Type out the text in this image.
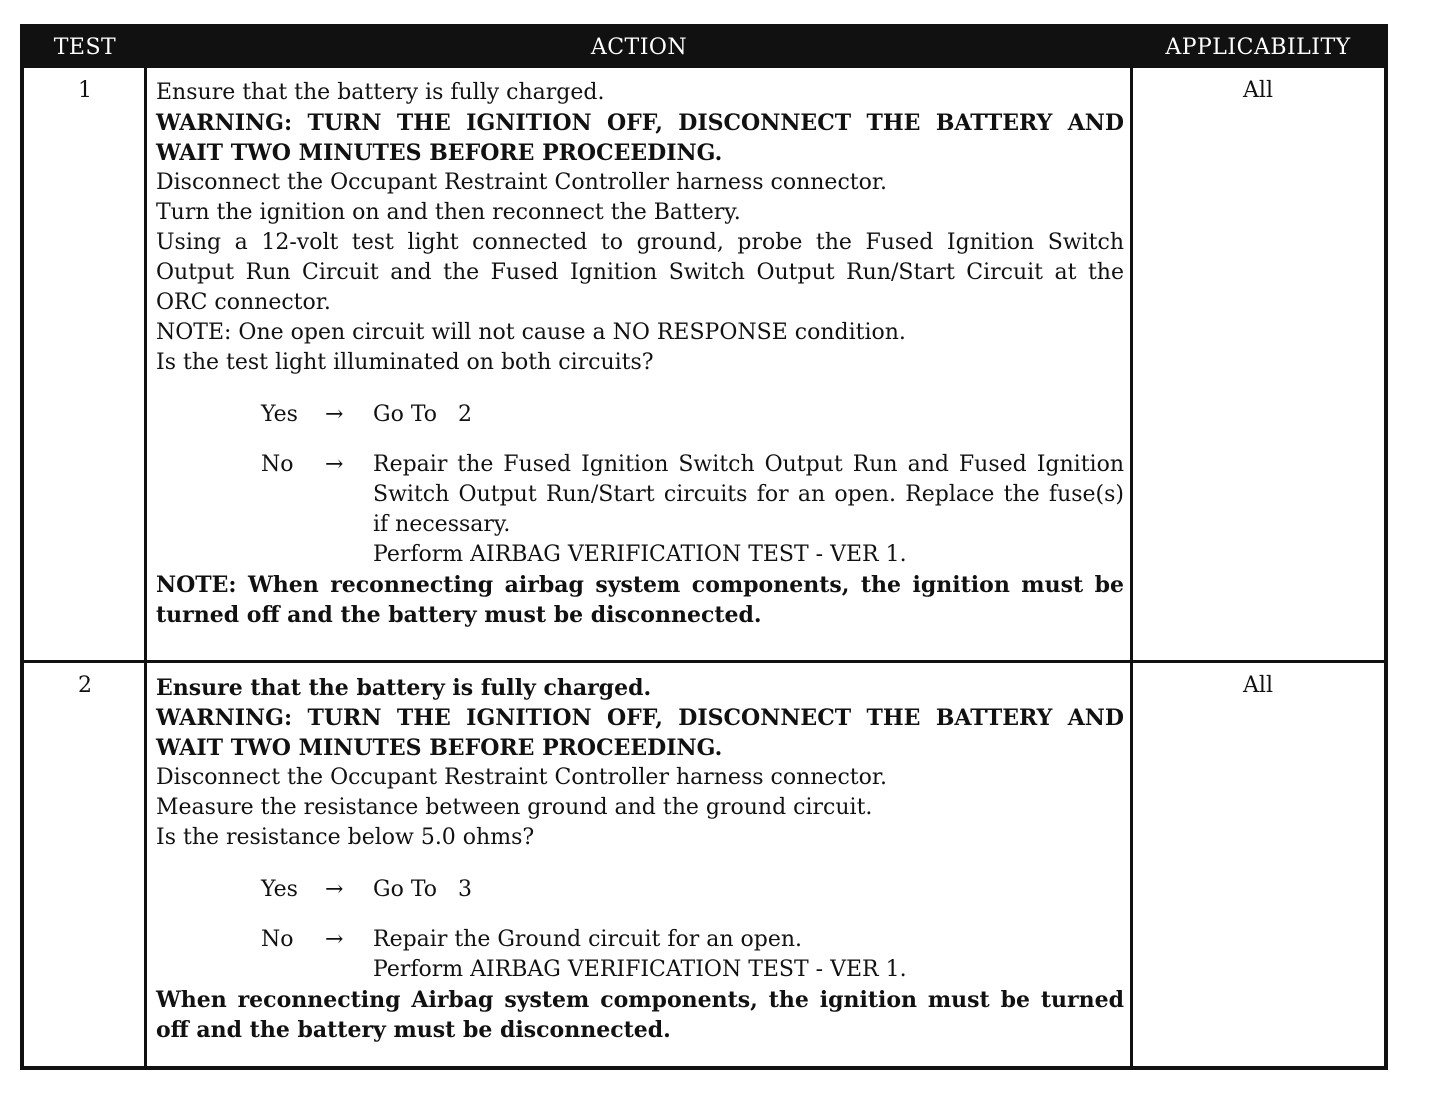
TEST	ACTION	APPLICABILITY
1	Ensure that the battery is fully charged.

WARNING: TURN THE IGNITION OFF, DISCONNECT THE BATTERY AND WAIT TWO MINUTES BEFORE PROCEEDING.

Disconnect the Occupant Restraint Controller harness connector.

Turn the ignition on and then reconnect the Battery.

Using a 12-volt test light connected to ground, probe the Fused Ignition Switch Output Run Circuit and the Fused Ignition Switch Output Run/Start Circuit at the ORC connector.

NOTE: One open circuit will not cause a NO RESPONSE condition.

Is the test light illuminated on both circuits?

Yes	→	Go To   2
No	→	Repair the Fused Ignition Switch Output Run and Fused Ignition Switch Output Run/Start circuits for an open. Replace the fuse(s) if necessary.
Perform AIRBAG VERIFICATION TEST - VER 1.

NOTE: When reconnecting airbag system components, the ignition must be turned off and the battery must be disconnected.

All
2	Ensure that the battery is fully charged.

WARNING: TURN THE IGNITION OFF, DISCONNECT THE BATTERY AND WAIT TWO MINUTES BEFORE PROCEEDING.

Disconnect the Occupant Restraint Controller harness connector.

Measure the resistance between ground and the ground circuit.

Is the resistance below 5.0 ohms?

Yes	→	Go To   3
No	→	Repair the Ground circuit for an open.
Perform AIRBAG VERIFICATION TEST - VER 1.

When reconnecting Airbag system components, the ignition must be turned off and the battery must be disconnected.

All
